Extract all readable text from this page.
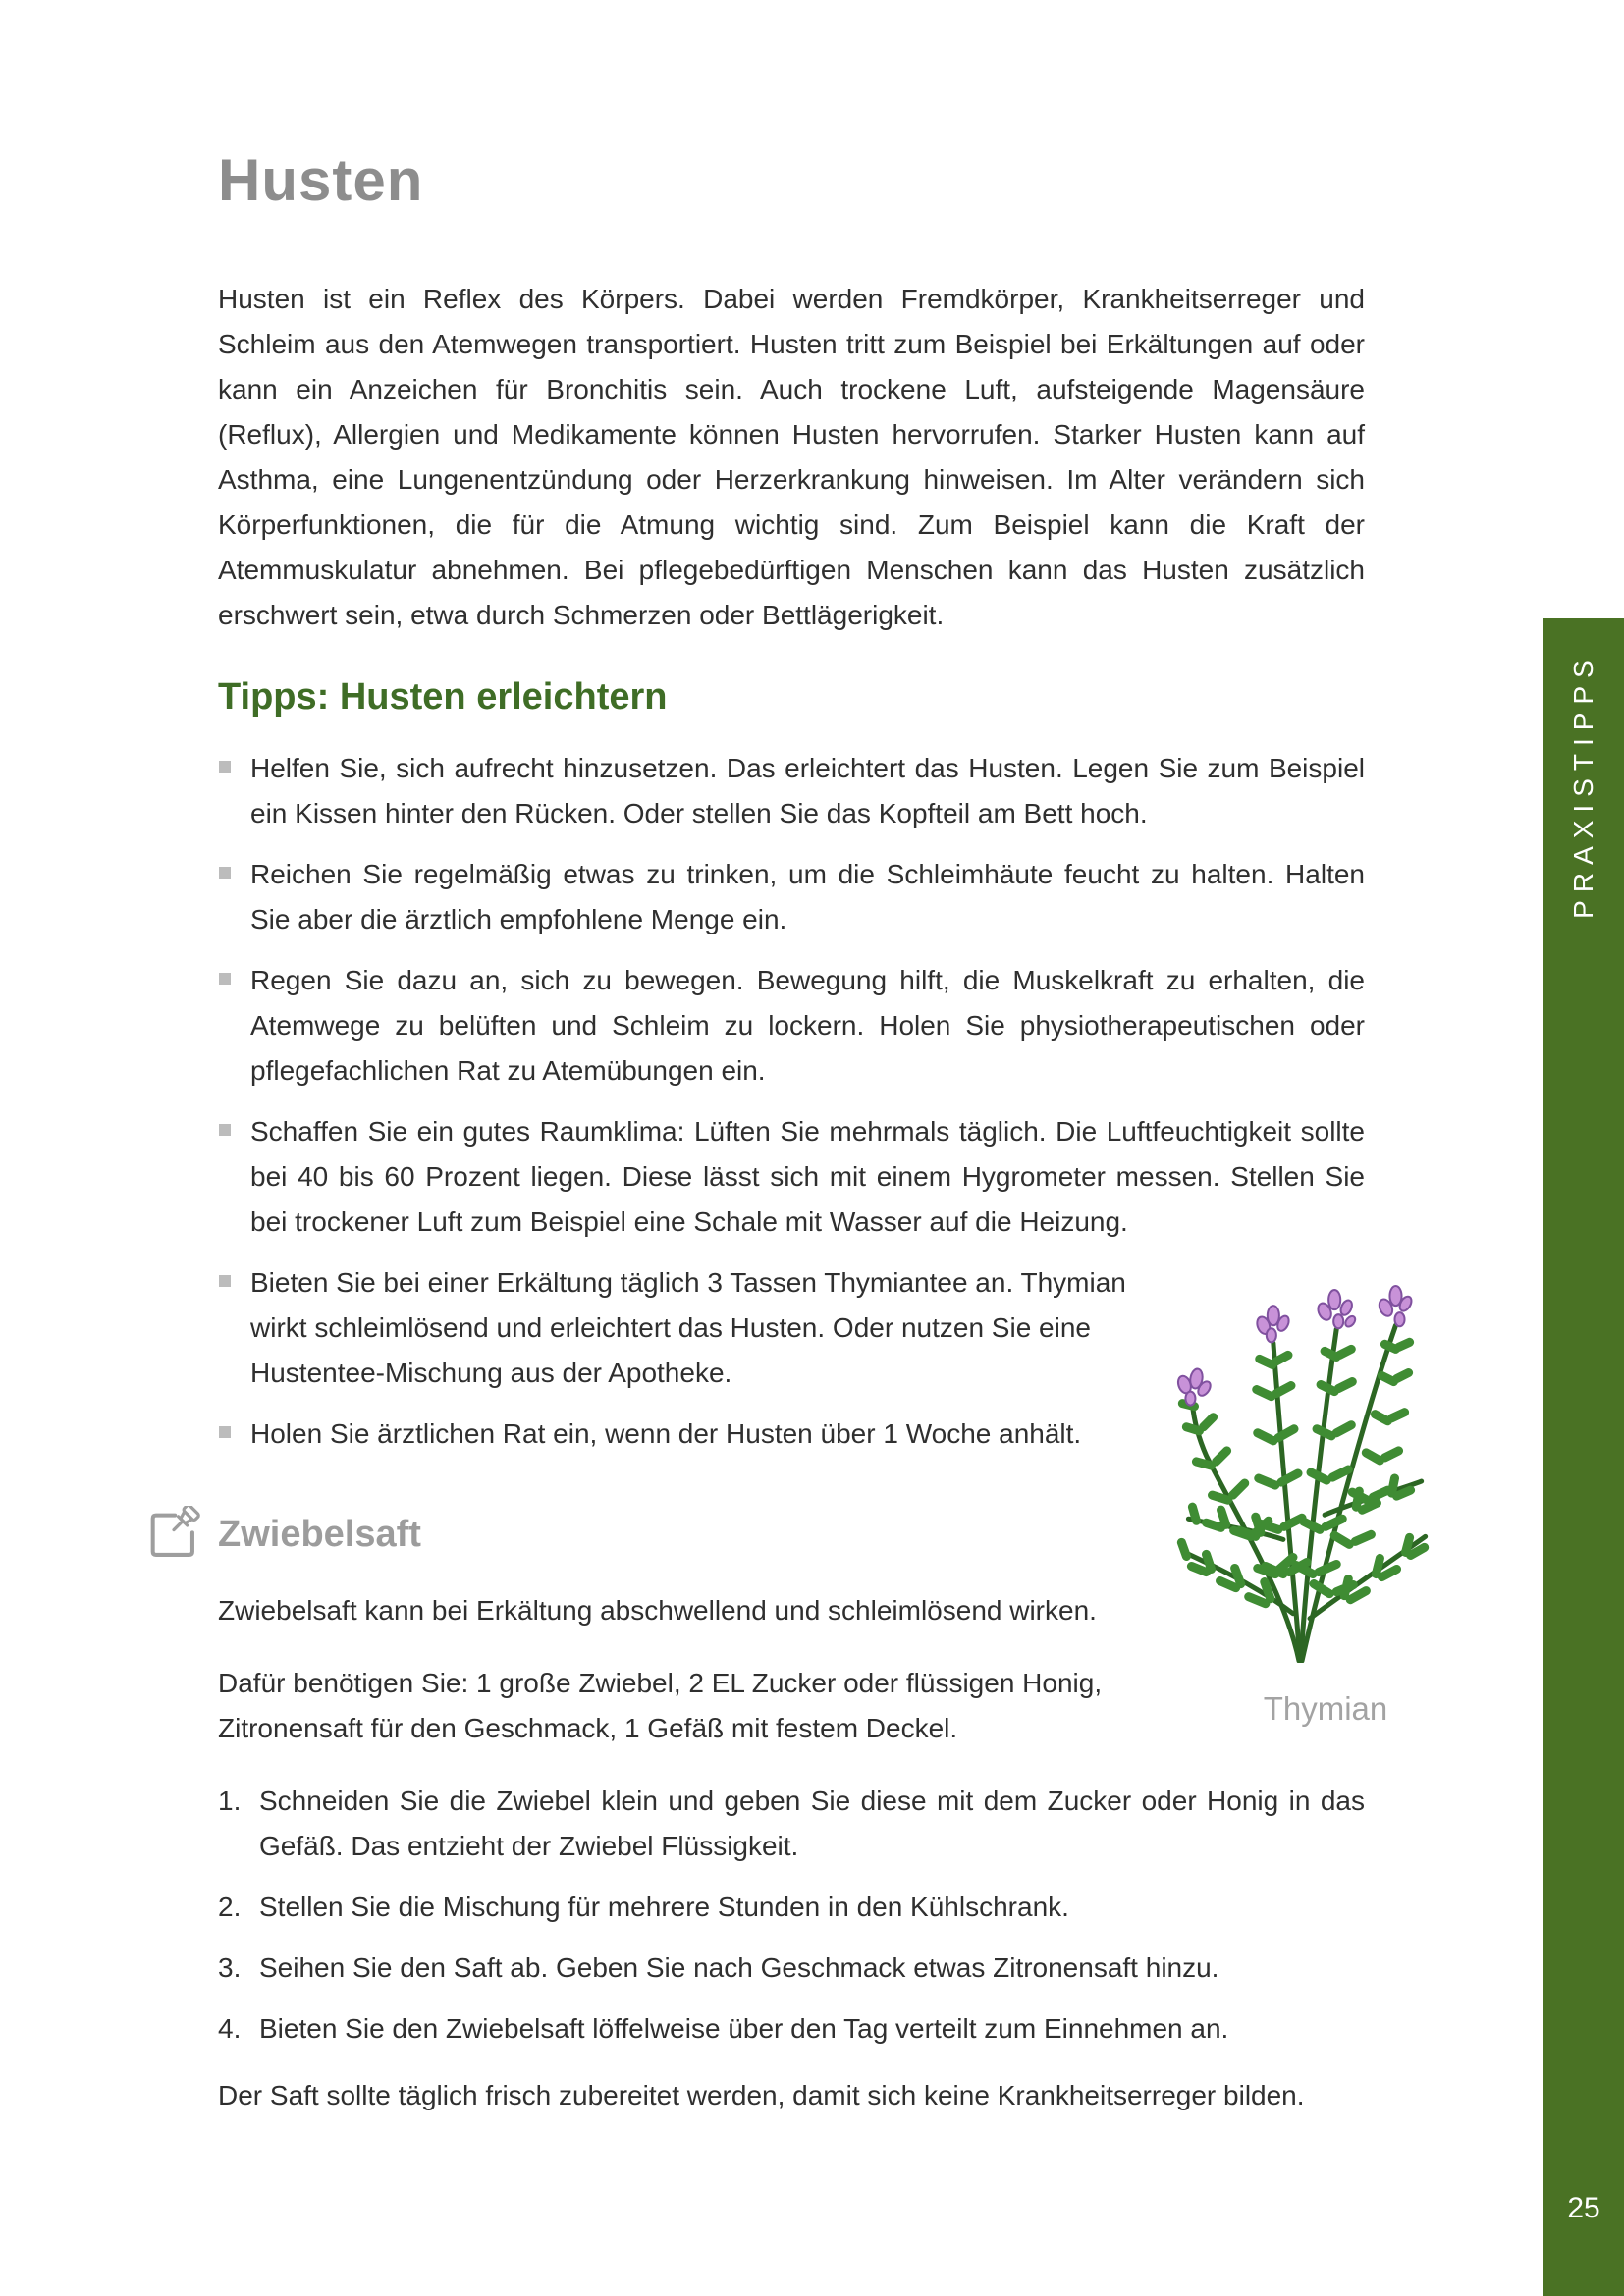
PRAXISTIPPS
25
Thymian
Husten

Husten ist ein Reflex des Körpers. Dabei werden Fremdkörper, Krankheitserreger und Schleim aus den Atemwegen transportiert. Husten tritt zum Beispiel bei Erkältungen auf oder kann ein Anzeichen für Bronchitis sein. Auch trockene Luft, aufsteigende Magensäure (Reflux), Allergien und Medikamente können Husten hervorrufen. Starker Husten kann auf Asthma, eine Lungenentzündung oder Herzerkrankung hinweisen. Im Alter verändern sich Körperfunktionen, die für die Atmung wichtig sind. Zum Beispiel kann die Kraft der Atemmuskulatur abnehmen. Bei pflegebedürftigen Menschen kann das Husten zusätzlich erschwert sein, etwa durch Schmerzen oder Bettlägerigkeit.

Tipps: Husten erleichtern
Helfen Sie, sich aufrecht hinzusetzen. Das erleichtert das Husten. Legen Sie zum Beispiel ein Kissen hinter den Rücken. Oder stellen Sie das Kopfteil am Bett hoch.
Reichen Sie regelmäßig etwas zu trinken, um die Schleimhäute feucht zu halten. Halten Sie aber die ärztlich empfohlene Menge ein.
Regen Sie dazu an, sich zu bewegen. Bewegung hilft, die Muskelkraft zu erhalten, die Atemwege zu belüften und Schleim zu lockern. Holen Sie physiotherapeutischen oder pflegefachlichen Rat zu Atemübungen ein.
Schaffen Sie ein gutes Raumklima: Lüften Sie mehrmals täglich. Die Luftfeuchtigkeit sollte bei 40 bis 60 Prozent liegen. Diese lässt sich mit einem Hygrometer messen. Stellen Sie bei trockener Luft zum Beispiel eine Schale mit Wasser auf die Heizung.
Bieten Sie bei einer Erkältung täglich 3 Tassen Thymiantee an. Thymian wirkt schleimlösend und erleichtert das Husten. Oder nutzen Sie eine Hustentee-Mischung aus der Apotheke.
Holen Sie ärztlichen Rat ein, wenn der Husten über 1 Woche anhält.
Zwiebelsaft

Zwiebelsaft kann bei Erkältung abschwellend und schleimlösend wirken.

Dafür benötigen Sie: 1 große Zwiebel, 2 EL Zucker oder flüssigen Honig, Zitronensaft für den Geschmack, 1 Gefäß mit festem Deckel.

1. Schneiden Sie die Zwiebel klein und geben Sie diese mit dem Zucker oder Honig in das Gefäß. Das entzieht der Zwiebel Flüssigkeit.
2. Stellen Sie die Mischung für mehrere Stunden in den Kühlschrank.
3. Seihen Sie den Saft ab. Geben Sie nach Geschmack etwas Zitronensaft hinzu.
4. Bieten Sie den Zwiebelsaft löffelweise über den Tag verteilt zum Einnehmen an.

Der Saft sollte täglich frisch zubereitet werden, damit sich keine Krankheitserreger bilden.
